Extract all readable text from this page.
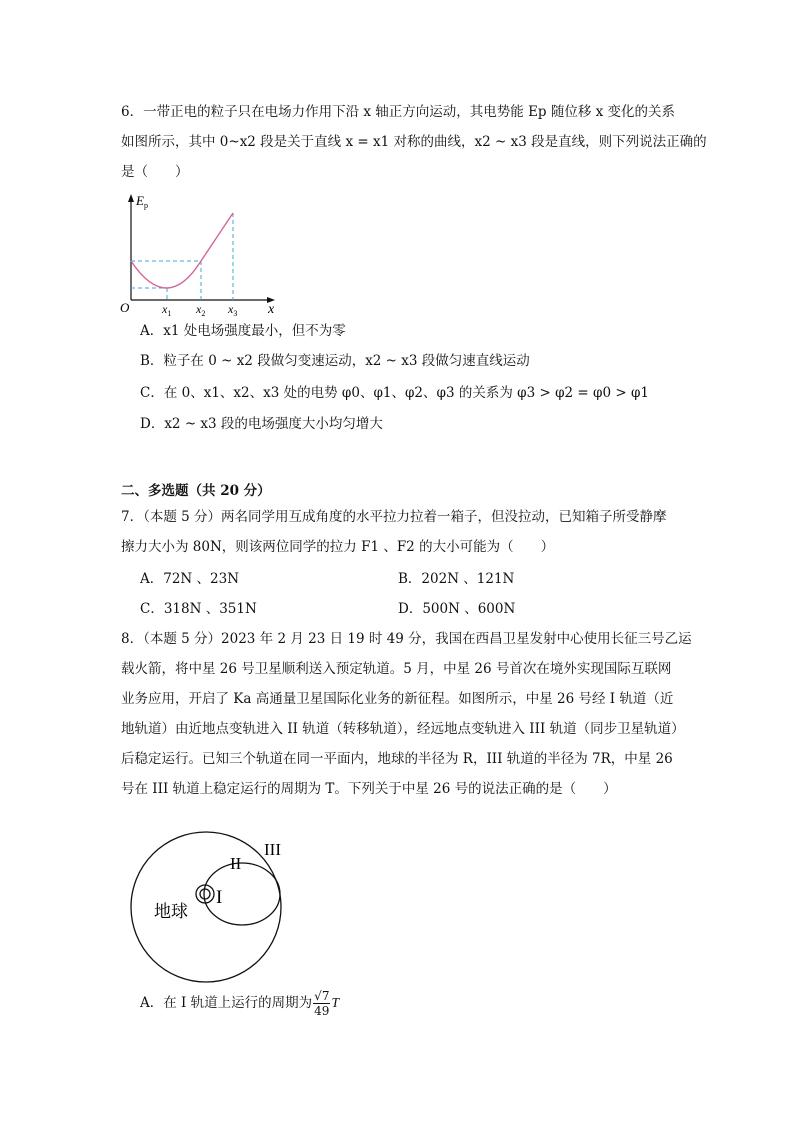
6．一带正电的粒子只在电场力作用下沿 x 轴正方向运动，其电势能 Ep 随位移 x 变化的关系
如图所示，其中 0~x2 段是关于直线 x = x1 对称的曲线，x2 ~ x3 段是直线，则下列说法正确的
是（　　）
$E_p$
O	x
$x_1$ $x_2$ $x_3$
A．x1 处电场强度最小，但不为零
B．粒子在 0 ~ x2 段做匀变速运动，x2 ~ x3 段做匀速直线运动
C．在 0、x1、x2、x3 处的电势 φ0、φ1、φ2、φ3 的关系为 φ3 > φ2 = φ0 > φ1
D．x2 ~ x3 段的电场强度大小均匀增大
二、多选题（共 20 分）
7．（本题 5 分）两名同学用互成角度的水平拉力拉着一箱子，但没拉动，已知箱子所受静摩
擦力大小为 80N，则该两位同学的拉力 F1 、F2 的大小可能为（　　）
A．72N 、23N	B．202N 、121N
C．318N 、351N	D．500N 、600N
8．（本题 5 分）2023 年 2 月 23 日 19 时 49 分，我国在西昌卫星发射中心使用长征三号乙运
载火箭，将中星 26 号卫星顺利送入预定轨道。5 月，中星 26 号首次在境外实现国际互联网
业务应用，开启了 Ka 高通量卫星国际化业务的新征程。如图所示，中星 26 号经 I 轨道（近
地轨道）由近地点变轨进入 II 轨道（转移轨道），经远地点变轨进入 III 轨道（同步卫星轨道）
后稳定运行。已知三个轨道在同一平面内，地球的半径为 R，III 轨道的半径为 7R，中星 26
号在 III 轨道上稳定运行的周期为 T。下列关于中星 26 号的说法正确的是（　　）
I
II
III
地球
A．在 I 轨道上运行的周期为 $\frac{√7}{49}$ T
